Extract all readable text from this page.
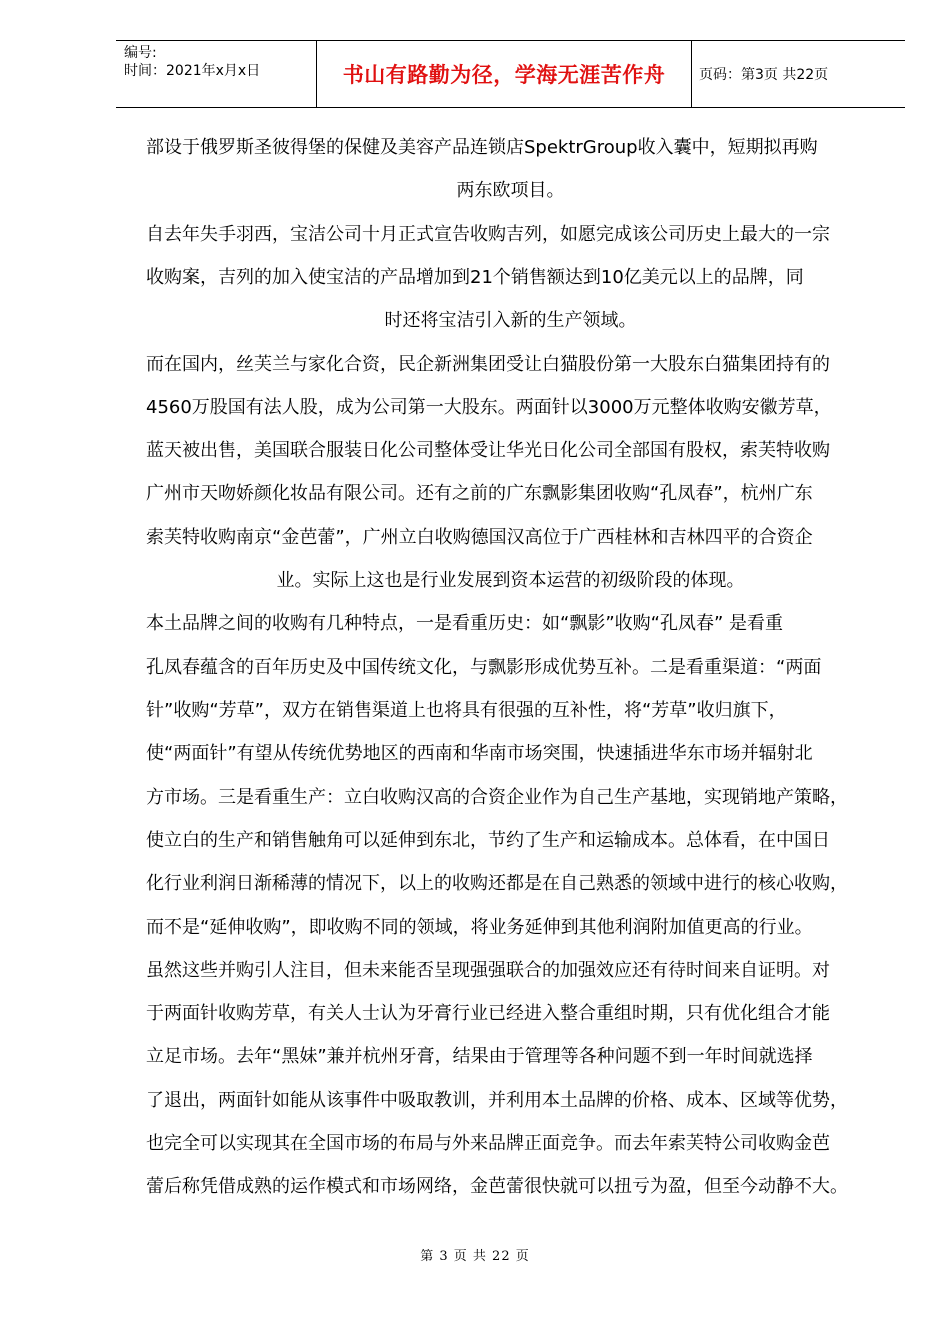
编号:
时间：2021年x月x日	书山有路勤为径，学海无涯苦作舟 页码：第3页 共22页
部设于俄罗斯圣彼得堡的保健及美容产品连锁店SpektrGroup收入囊中，短期拟再购
两东欧项目。
自去年失手羽西，宝洁公司十月正式宣告收购吉列，如愿完成该公司历史上最大的一宗
收购案，吉列的加入使宝洁的产品增加到21个销售额达到10亿美元以上的品牌，同
时还将宝洁引入新的生产领域。
而在国内，丝芙兰与家化合资，民企新洲集团受让白猫股份第一大股东白猫集团持有的
4560万股国有法人股，成为公司第一大股东。两面针以3000万元整体收购安徽芳草，
蓝天被出售，美国联合服装日化公司整体受让华光日化公司全部国有股权，索芙特收购
广州市天吻娇颜化妆品有限公司。还有之前的广东飘影集团收购“孔凤春”，杭州广东
索芙特收购南京“金芭蕾”，广州立白收购德国汉高位于广西桂林和吉林四平的合资企
业。实际上这也是行业发展到资本运营的初级阶段的体现。
本土品牌之间的收购有几种特点，一是看重历史：如“飘影”收购“孔凤春” 是看重
孔凤春蕴含的百年历史及中国传统文化，与飘影形成优势互补。二是看重渠道：“两面
针”收购“芳草”，双方在销售渠道上也将具有很强的互补性，将“芳草”收归旗下，
使“两面针”有望从传统优势地区的西南和华南市场突围，快速插进华东市场并辐射北
方市场。三是看重生产：立白收购汉高的合资企业作为自己生产基地，实现销地产策略，
使立白的生产和销售触角可以延伸到东北，节约了生产和运输成本。总体看，在中国日
化行业利润日渐稀薄的情况下，以上的收购还都是在自己熟悉的领域中进行的核心收购，
而不是“延伸收购”，即收购不同的领域，将业务延伸到其他利润附加值更高的行业。
虽然这些并购引人注目，但未来能否呈现强强联合的加强效应还有待时间来自证明。对
于两面针收购芳草，有关人士认为牙膏行业已经进入整合重组时期，只有优化组合才能
立足市场。去年“黑妹”兼并杭州牙膏，结果由于管理等各种问题不到一年时间就选择
了退出，两面针如能从该事件中吸取教训，并利用本土品牌的价格、成本、区域等优势，
也完全可以实现其在全国市场的布局与外来品牌正面竞争。而去年索芙特公司收购金芭
蕾后称凭借成熟的运作模式和市场网络，金芭蕾很快就可以扭亏为盈，但至今动静不大。
第 3 页 共 22 页
